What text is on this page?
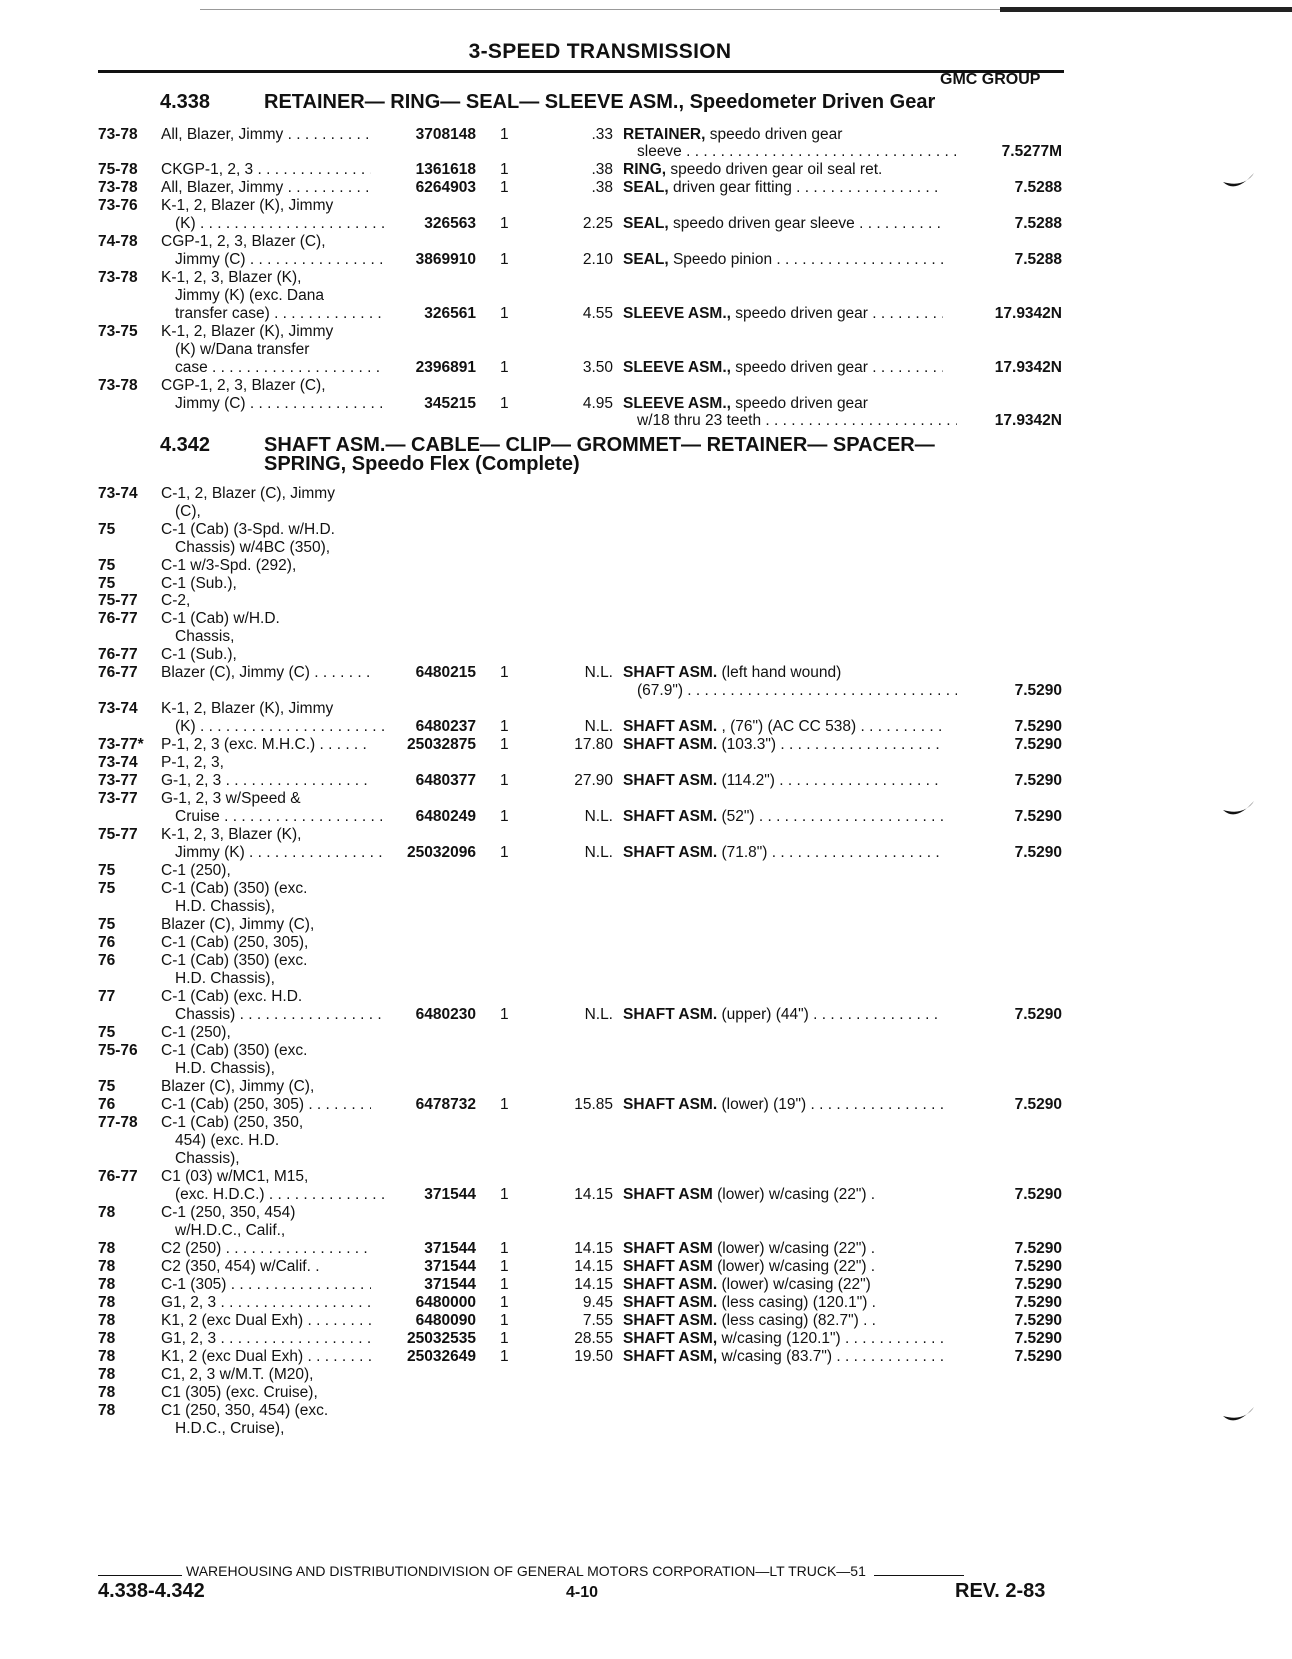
3-SPEED TRANSMISSION
GMC GROUP
4.338	RETAINER— RING— SEAL— SLEEVE ASM., Speedometer Driven Gear
4.342	SHAFT ASM.— CABLE— CLIP— GROMMET— RETAINER— SPACER—
SPRING, Speedo Flex (Complete)
73-78 All, Blazer, Jimmy . . .	3708148 1	.33 RETAINER, speedo driven gear
sleeve . . .	7.5277M
75-78 CKGP-1, 2, 3 . . .	1361618 1	.38 RING, speedo driven gear oil seal ret.
73-78 All, Blazer, Jimmy . . .	6264903 1	.38 SEAL, driven gear fitting . . .	7.5288
73-76 K-1, 2, Blazer (K), Jimmy
(K) . . .	326563 1	2.25 SEAL, speedo driven gear sleeve . . .	7.5288
74-78 CGP-1, 2, 3, Blazer (C),
Jimmy (C) . . .	3869910 1	2.10 SEAL, Speedo pinion . . .	7.5288
73-78 K-1, 2, 3, Blazer (K),
Jimmy (K) (exc. Dana
transfer case) . . .	326561 1	4.55 SLEEVE ASM., speedo driven gear . . .	17.9342N
73-75 K-1, 2, Blazer (K), Jimmy
(K) w/Dana transfer
case . . .	2396891 1	3.50 SLEEVE ASM., speedo driven gear . . .	17.9342N
73-78 CGP-1, 2, 3, Blazer (C),
Jimmy (C) . . .	345215 1	4.95 SLEEVE ASM., speedo driven gear
w/18 thru 23 teeth . . .	17.9342N
73-74 C-1, 2, Blazer (C), Jimmy
(C),
75	C-1 (Cab) (3-Spd. w/H.D.
Chassis) w/4BC (350),
75	C-1 w/3-Spd. (292),
75	C-1 (Sub.),
75-77 C-2,
76-77 C-1 (Cab) w/H.D.
Chassis,
76-77 C-1 (Sub.),
76-77 Blazer (C), Jimmy (C) . . .	6480215 1	N.L. SHAFT ASM. (left hand wound)
(67.9") . . .	7.5290
73-74 K-1, 2, Blazer (K), Jimmy
(K) . . .	6480237 1	N.L. SHAFT ASM. , (76") (AC CC 538) . . .	7.5290
73-77* P-1, 2, 3 (exc. M.H.C.) . . .	25032875 1	17.80 SHAFT ASM. (103.3") . . .	7.5290
73-74 P-1, 2, 3,
73-77 G-1, 2, 3 . . .	6480377 1	27.90 SHAFT ASM. (114.2") . . .	7.5290
73-77 G-1, 2, 3 w/Speed &
Cruise . . .	6480249 1	N.L. SHAFT ASM. (52") . . .	7.5290
75-77 K-1, 2, 3, Blazer (K),
Jimmy (K) . . .	25032096 1	N.L. SHAFT ASM. (71.8") . . .	7.5290
75	C-1 (250),
75	C-1 (Cab) (350) (exc.
H.D. Chassis),
75	Blazer (C), Jimmy (C),
76	C-1 (Cab) (250, 305),
76	C-1 (Cab) (350) (exc.
H.D. Chassis),
77	C-1 (Cab) (exc. H.D.
Chassis) . . .	6480230 1	N.L. SHAFT ASM. (upper) (44") . . .	7.5290
75	C-1 (250),
75-76 C-1 (Cab) (350) (exc.
H.D. Chassis),
75	Blazer (C), Jimmy (C),
76	C-1 (Cab) (250, 305) . . .	6478732 1	15.85 SHAFT ASM. (lower) (19") . . .	7.5290
77-78 C-1 (Cab) (250, 350,
454) (exc. H.D.
Chassis),
76-77 C1 (03) w/MC1, M15,
(exc. H.D.C.) . . .	371544 1	14.15 SHAFT ASM (lower) w/casing (22") .	7.5290
78	C-1 (250, 350, 454)
w/H.D.C., Calif.,
78	C2 (250) . . .	371544 1	14.15 SHAFT ASM (lower) w/casing (22") .	7.5290
78	C2 (350, 454) w/Calif. .	371544 1	14.15 SHAFT ASM (lower) w/casing (22") .	7.5290
78	C-1 (305) . . .	371544 1	14.15 SHAFT ASM. (lower) w/casing (22")	7.5290
78	G1, 2, 3 . . .	6480000 1	9.45 SHAFT ASM. (less casing) (120.1") .	7.5290
78	K1, 2 (exc Dual Exh) . . .	6480090 1	7.55 SHAFT ASM. (less casing) (82.7") . .	7.5290
78	G1, 2, 3 . . .	25032535 1	28.55 SHAFT ASM, w/casing (120.1") . . .	7.5290
78	K1, 2 (exc Dual Exh) . . .	25032649 1	19.50 SHAFT ASM, w/casing (83.7") . . .	7.5290
78	C1, 2, 3 w/M.T. (M20),
78	C1 (305) (exc. Cruise),
78	C1 (250, 350, 454) (exc.
H.D.C., Cruise),
WAREHOUSING AND DISTRIBUTIONDIVISION OF GENERAL MOTORS CORPORATION—LT TRUCK—51
4.338-4.342	4-10	REV. 2-83
